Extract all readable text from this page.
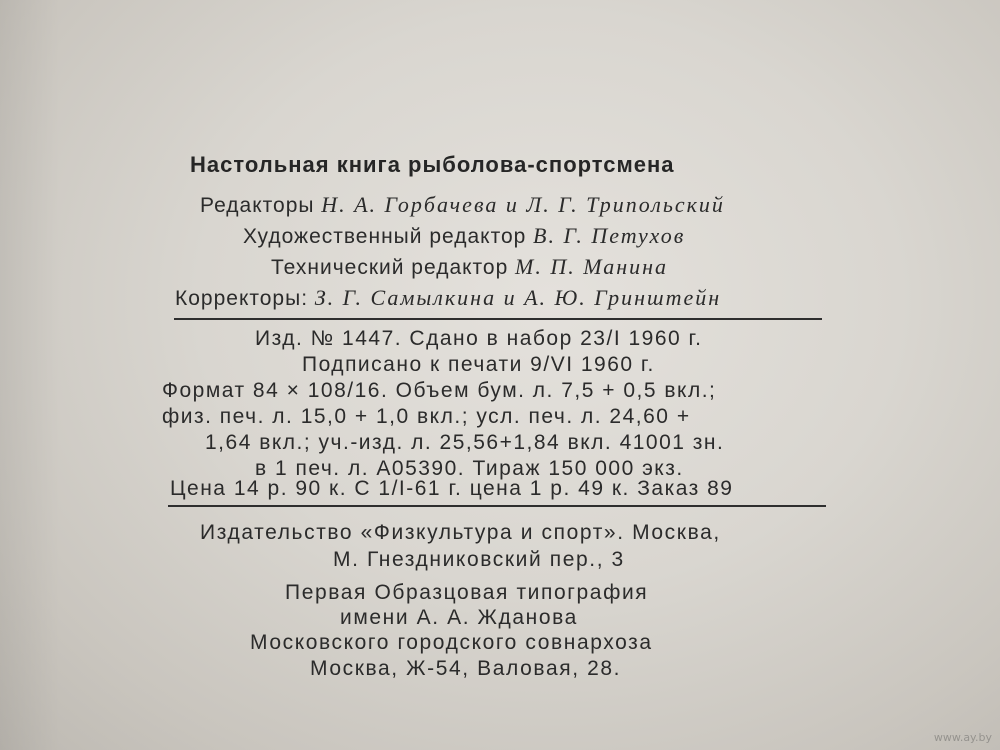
Настольная книга рыболова-спортсмена
Редакторы Н. А. Горбачева и Л. Г. Трипольский
Художественный редактор В. Г. Петухов
Технический редактор М. П. Манина
Корректоры: З. Г. Самылкина и А. Ю. Гринштейн
Изд. № 1447. Сдано в набор 23/I 1960 г.
Подписано к печати 9/VI 1960 г.
Формат 84 × 108/16. Объем бум. л. 7,5 + 0,5 вкл.;
физ. печ. л. 15,0 + 1,0 вкл.; усл. печ. л. 24,60 +
1,64 вкл.; уч.-изд. л. 25,56+1,84 вкл. 41001 зн.
в 1 печ. л. А05390. Тираж 150 000 экз.
Цена 14 р. 90 к. С 1/I-61 г. цена 1 р. 49 к. Заказ 89
Издательство «Физкультура и спорт». Москва,
М. Гнездниковский пер., 3
Первая Образцовая типография
имени А. А. Жданова
Московского городского совнархоза
Москва, Ж-54, Валовая, 28.
www.ay.by
